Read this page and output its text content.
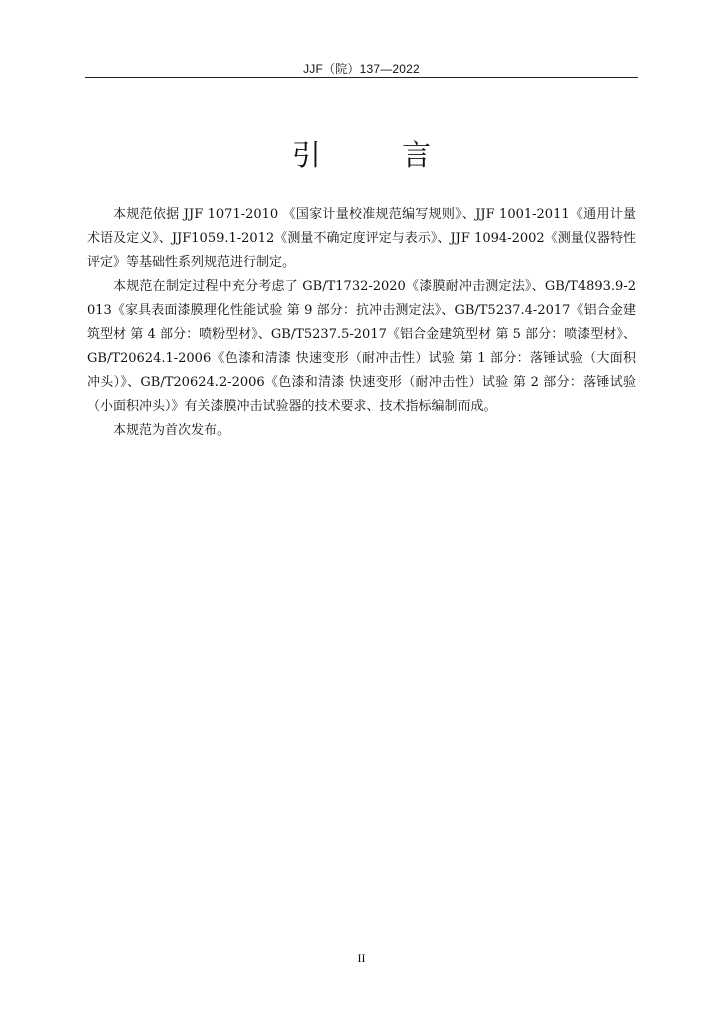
JJF（院）137—2022
引 言

本规范依据 JJF 1071-2010 《国家计量校准规范编写规则》、JJF 1001-2011《通用计量术语及定义》、JJF1059.1-2012《测量不确定度评定与表示》、JJF 1094-2002《测量仪器特性评定》等基础性系列规范进行制定。

本规范在制定过程中充分考虑了 GB/T1732-2020《漆膜耐冲击测定法》、GB/T4893.9-2013《家具表面漆膜理化性能试验 第 9 部分：抗冲击测定法》、GB/T5237.4-2017《铝合金建筑型材 第 4 部分：喷粉型材》、GB/T5237.5-2017《铝合金建筑型材 第 5 部分：喷漆型材》、GB/T20624.1-2006《色漆和清漆 快速变形（耐冲击性）试验 第 1 部分：落锤试验（大面积冲头）》、GB/T20624.2-2006《色漆和清漆 快速变形（耐冲击性）试验 第 2 部分：落锤试验（小面积冲头）》有关漆膜冲击试验器的技术要求、技术指标编制而成。

本规范为首次发布。

II
